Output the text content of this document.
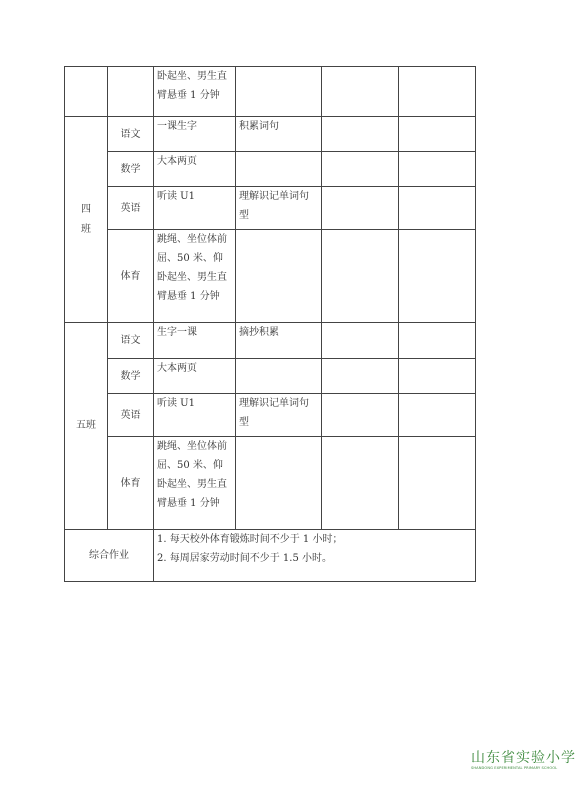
		卧起坐、男生直臂悬垂 1 分钟			

四
班	语文	一课生字	积累词句		
	数学	大本两页			
	英语	听读 U1	理解识记单词句型		
	体育	跳绳、坐位体前屈、50 米、仰卧起坐、男生直臂悬垂 1 分钟			

五班	语文	生字一课	摘抄积累		
	数学	大本两页			
	英语	听读 U1	理解识记单词句型		
	体育	跳绳、坐位体前屈、50 米、仰卧起坐、男生直臂悬垂 1 分钟			
综合作业		1. 每天校外体育锻炼时间不少于 1 小时；
2. 每周居家劳动时间不少于 1.5 小时。			
山东省实验小学
SHANDONG EXPERIMENTAL PRIMARY SCHOOL
